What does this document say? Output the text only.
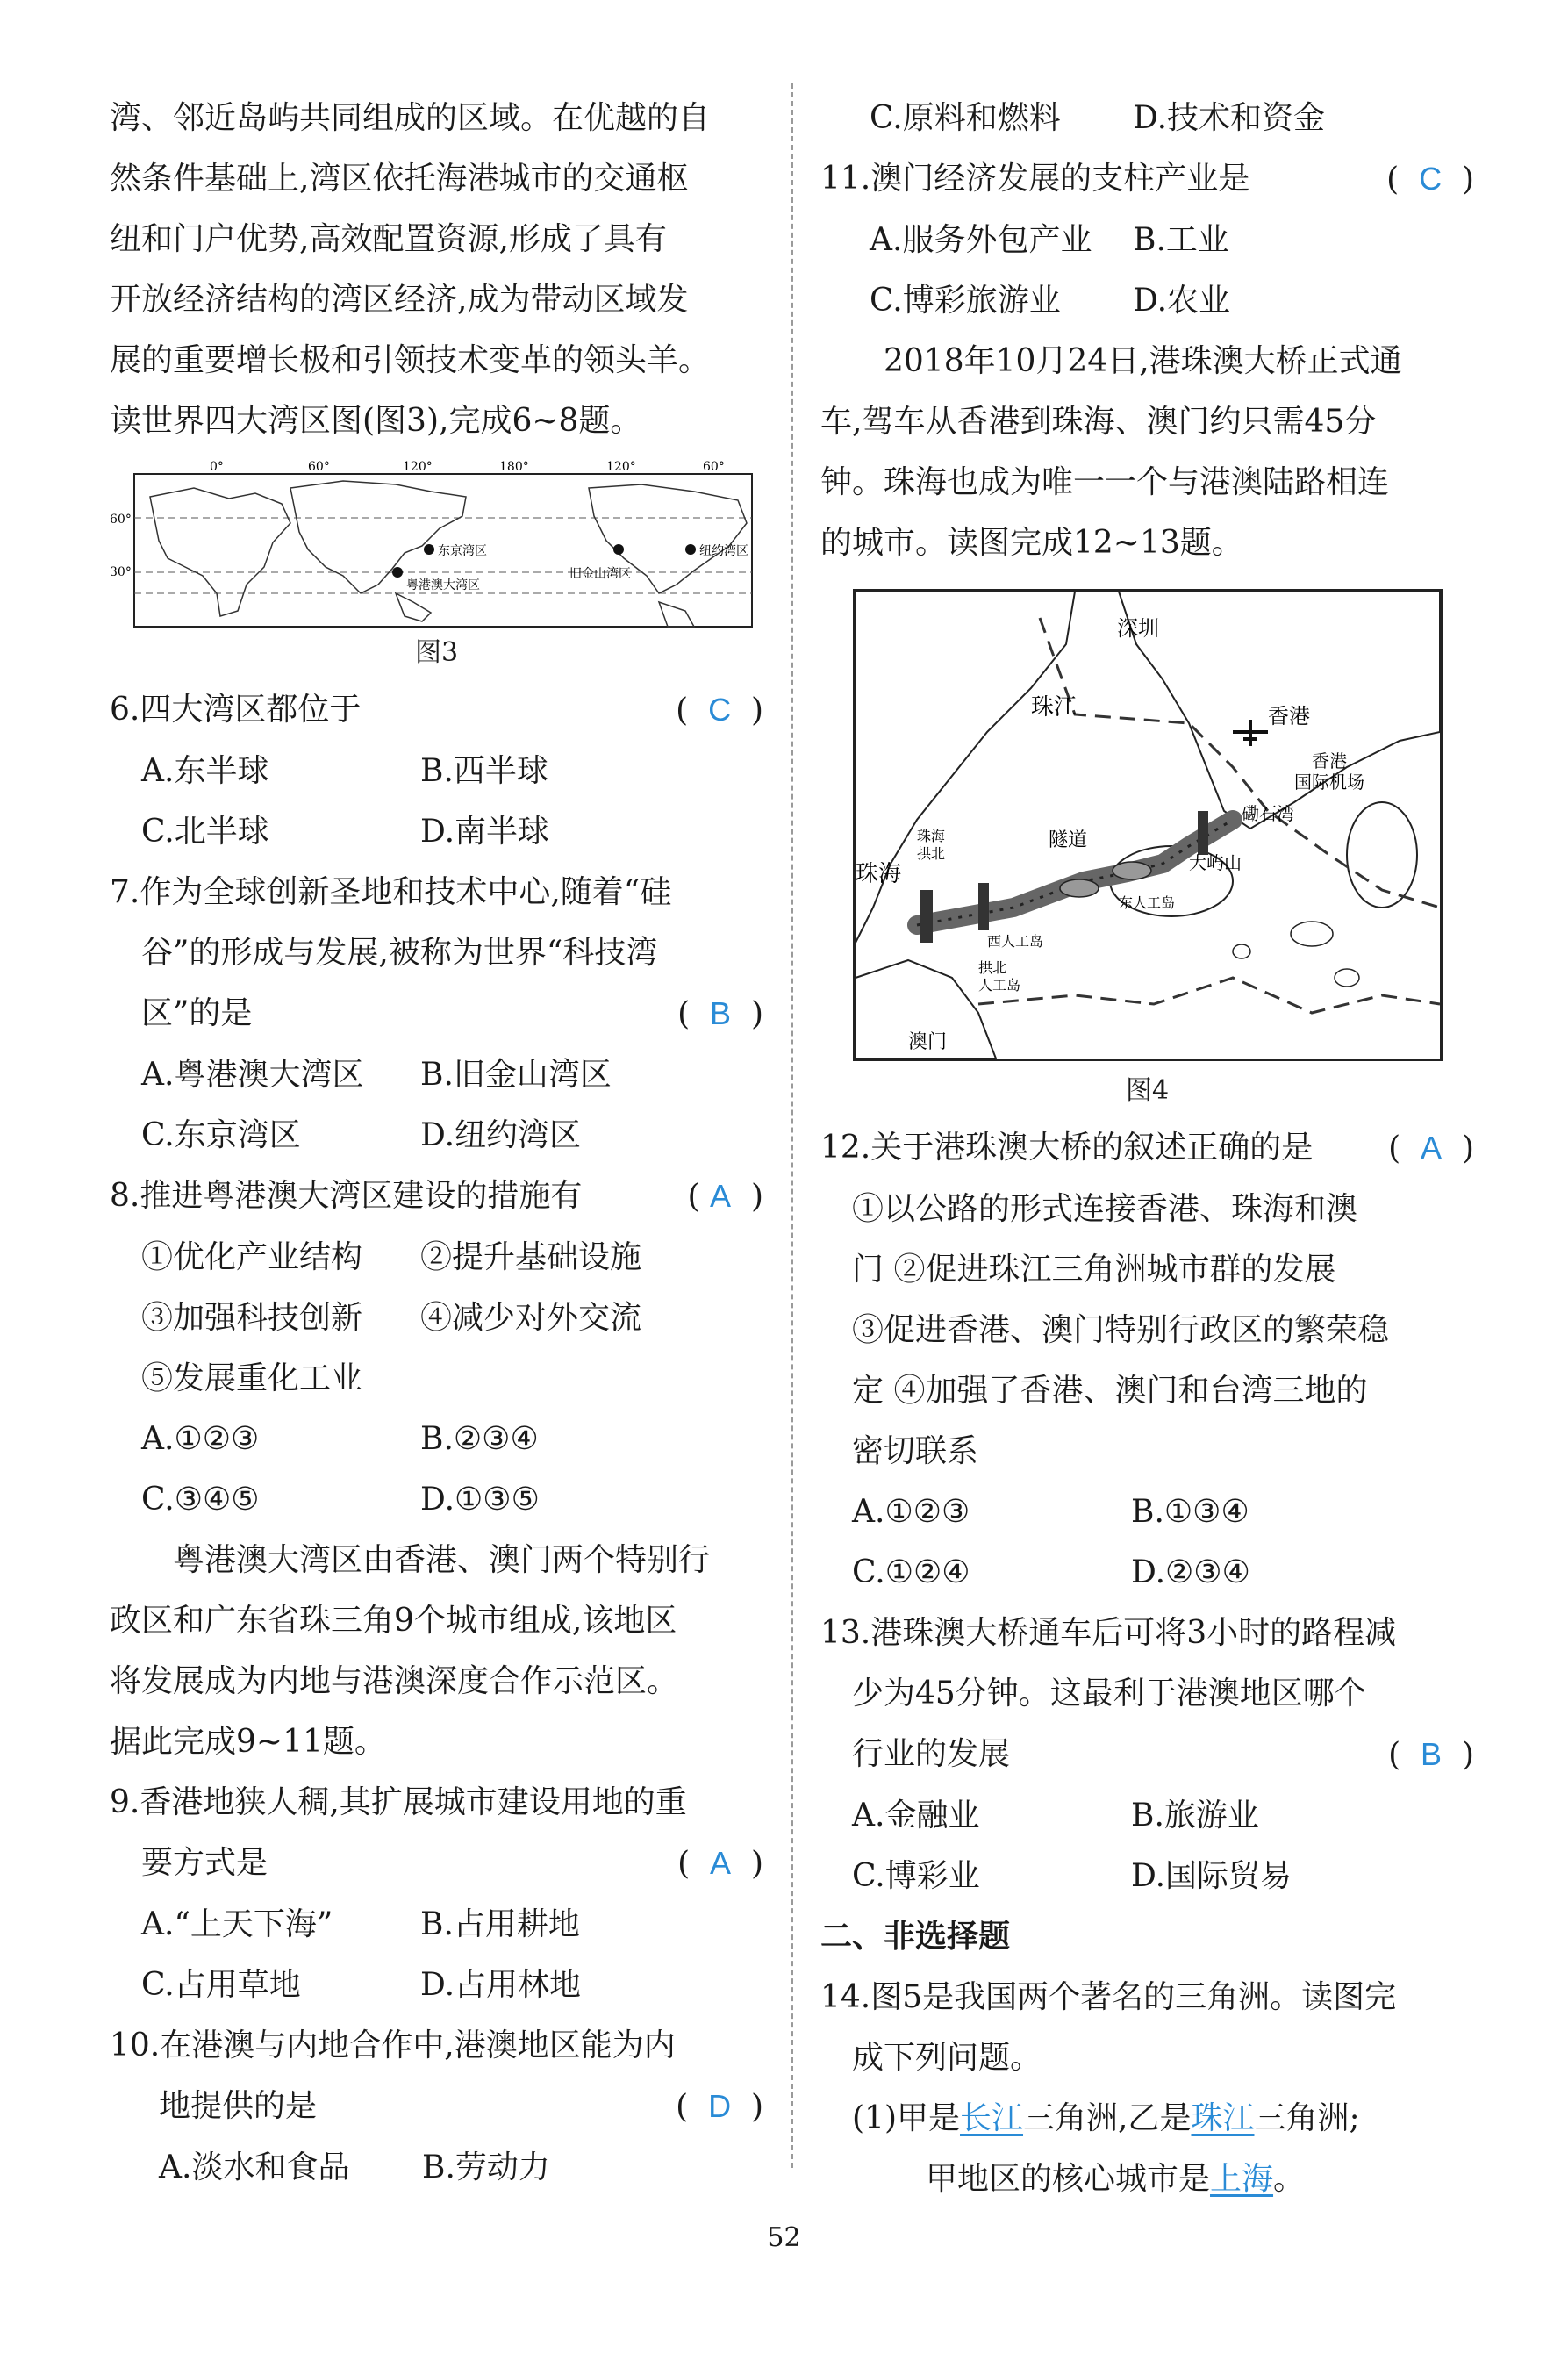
湾、邻近岛屿共同组成的区域。在优越的自

然条件基础上,湾区依托海港城市的交通枢

纽和门户优势,高效配置资源,形成了具有

开放经济结构的湾区经济,成为带动区域发

展的重要增长极和引领技术变革的领头羊。

读世界四大湾区图(图3),完成6~8题。

0°	60°	120°	180°	120°	60°
60°
30°
东京湾区
粤港澳大湾区
旧金山湾区
纽约湾区
图3
6.四大湾区都位于	(  C  )
A.东半球	B.西半球
C.北半球	D.南半球

7.作为全球创新圣地和技术中心,随着“硅

谷”的形成与发展,被称为世界“科技湾

区”的是	(  B  )
A.粤港澳大湾区	B.旧金山湾区
C.东京湾区	D.纽约湾区
8.推进粤港澳大湾区建设的措施有	( A  )
①优化产业结构	②提升基础设施
③加强科技创新	④减少对外交流

⑤发展重化工业

A.①②③	B.②③④
C.③④⑤	D.①③⑤

粤港澳大湾区由香港、澳门两个特别行

政区和广东省珠三角9个城市组成,该地区

将发展成为内地与港澳深度合作示范区。

据此完成9~11题。

9.香港地狭人稠,其扩展城市建设用地的重

要方式是	(  A  )
A.“上天下海”	B.占用耕地
C.占用草地	D.占用林地

10.在港澳与内地合作中,港澳地区能为内

地提供的是	(  D  )
A.淡水和食品	B.劳动力
C.原料和燃料	D.技术和资金
11.澳门经济发展的支柱产业是	(  C  )
A.服务外包产业	B.工业
C.博彩旅游业	D.农业

2018年10月24日,港珠澳大桥正式通

车,驾车从香港到珠海、澳门约只需45分

钟。珠海也成为唯一一个与港澳陆路相连

的城市。读图完成12~13题。

深圳
珠江	香港
香港
国际机场
珠海
珠海
拱北
隧道
东人工岛
西人工岛
拱北
人工岛
澳门
大屿山
磡石湾
图4
12.关于港珠澳大桥的叙述正确的是 (  A  )

①以公路的形式连接香港、珠海和澳

门 ②促进珠江三角洲城市群的发展

③促进香港、澳门特别行政区的繁荣稳

定 ④加强了香港、澳门和台湾三地的

密切联系

A.①②③	B.①③④
C.①②④	D.②③④

13.港珠澳大桥通车后可将3小时的路程减

少为45分钟。这最利于港澳地区哪个

行业的发展	(  B  )
A.金融业	B.旅游业
C.博彩业	D.国际贸易

二、非选择题

14.图5是我国两个著名的三角洲。读图完

成下列问题。

(1)甲是长江三角洲,乙是珠江三角洲;

甲地区的核心城市是上海。

52
